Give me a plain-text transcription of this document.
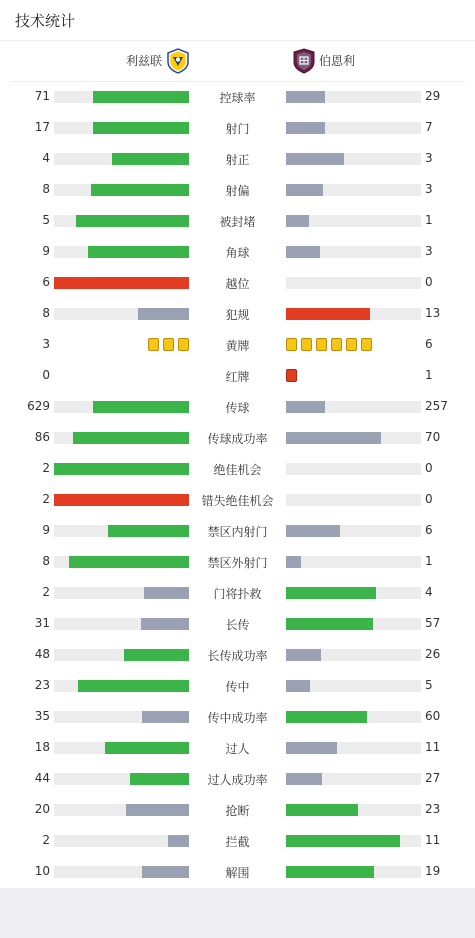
技术统计
利兹联	伯恩利
71	控球率	29
17	射门	7
4	射正	3
8	射偏	3
5	被封堵	1
9	角球	3
6	越位	0
8	犯规	13
3	黄牌	6
0	红牌	1
629	传球	257
86	传球成功率	70
2	绝佳机会	0
2	错失绝佳机会	0
9	禁区内射门	6
8	禁区外射门	1
2	门将扑救	4
31	长传	57
48	长传成功率	26
23	传中	5
35	传中成功率	60
18	过人	11
44	过人成功率	27
20	抢断	23
2	拦截	11
10	解围	19
